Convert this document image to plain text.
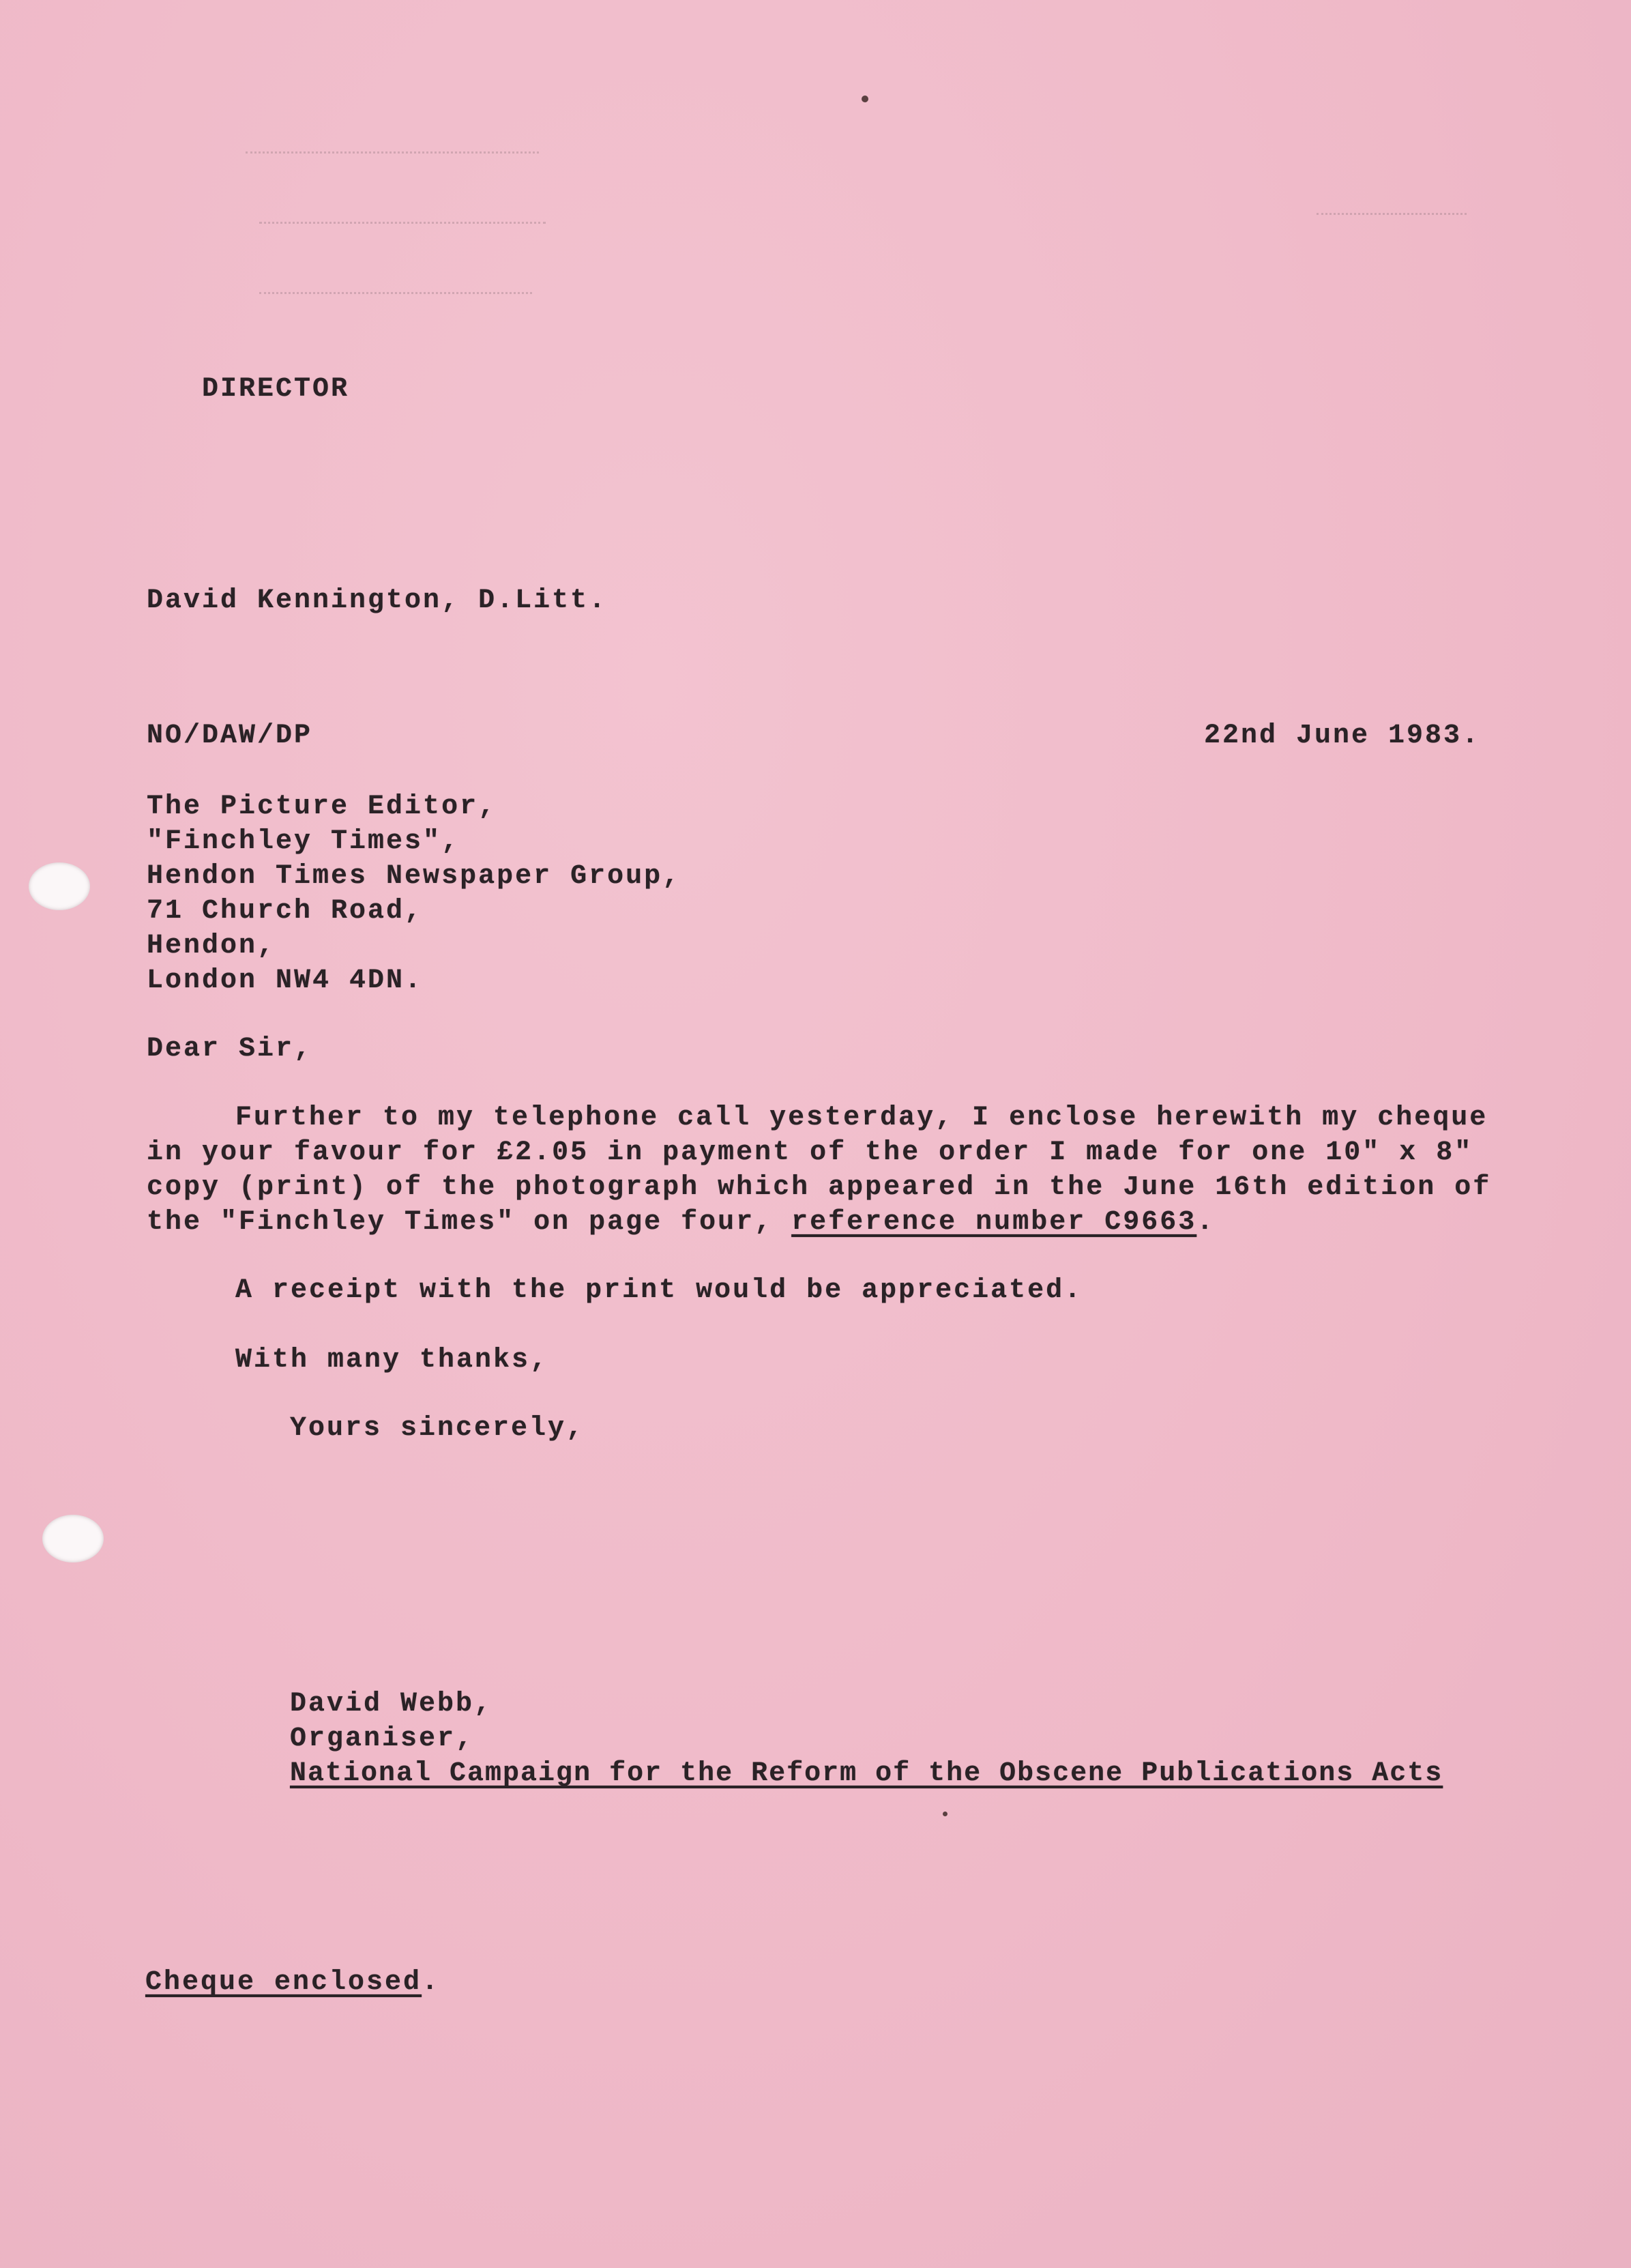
DIRECTOR

David Kennington, D.Litt.

NO/DAW/DP	22nd June 1983.

The Picture Editor,

"Finchley Times",

Hendon Times Newspaper Group,

71 Church Road,

Hendon,

London NW4 4DN.

Dear Sir,

Further to my telephone call yesterday, I enclose herewith my cheque

in your favour for £2.05 in payment of the order I made for one 10" x 8"

copy (print) of the photograph which appeared in the June 16th edition of

the "Finchley Times" on page four, reference number C9663.

A receipt with the print would be appreciated.

With many thanks,

Yours sincerely,

David Webb,

Organiser,

National Campaign for the Reform of the Obscene Publications Acts

Cheque enclosed.
